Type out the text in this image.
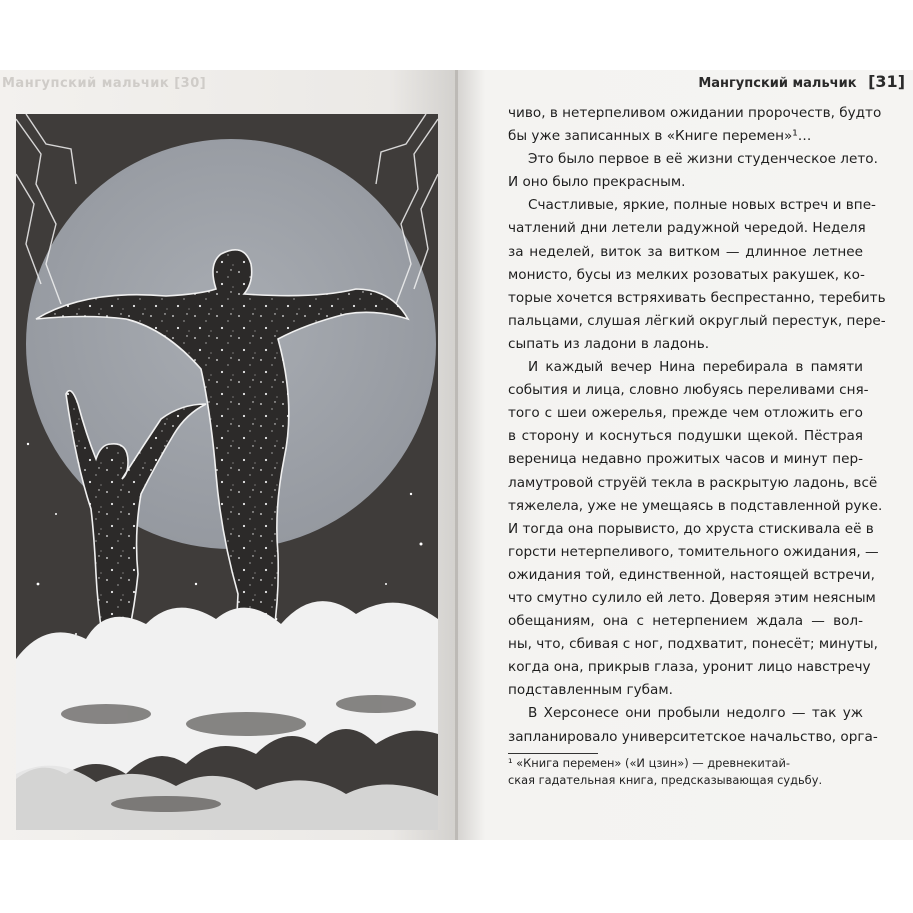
Мангупский мальчик [30]	Мангупский мальчик [31]
чиво, в нетерпеливом ожидании пророчеств, будто
бы уже записанных в «Книге перемен»¹…
Это было первое в её жизни студенческое лето.
И оно было прекрасным.
Счастливые, яркие, полные новых встреч и впе-
чатлений дни летели радужной чередой. Неделя
за неделей, виток за витком — длинное летнее
монисто, бусы из мелких розоватых ракушек, ко-
торые хочется встряхивать беспрестанно, теребить
пальцами, слушая лёгкий округлый перестук, пере-
сыпать из ладони в ладонь.
И каждый вечер Нина перебирала в памяти
события и лица, словно любуясь переливами сня-
того с шеи ожерелья, прежде чем отложить его
в сторону и коснуться подушки щекой. Пёстрая
вереница недавно прожитых часов и минут пер-
ламутровой струёй текла в раскрытую ладонь, всё
тяжелела, уже не умещаясь в подставленной руке.
И тогда она порывисто, до хруста стискивала её в
горсти нетерпеливого, томительного ожидания, —
ожидания той, единственной, настоящей встречи,
что смутно сулило ей лето. Доверяя этим неясным
обещаниям, она с нетерпением ждала — вол-
ны, что, сбивая с ног, подхватит, понесёт; минуты,
когда она, прикрыв глаза, уронит лицо навстречу
подставленным губам.
В Херсонесе они пробыли недолго — так уж
запланировало университетское начальство, орга-
¹ «Книга перемен» («И цзин») — древнекитай-
ская гадательная книга, предсказывающая судьбу.
